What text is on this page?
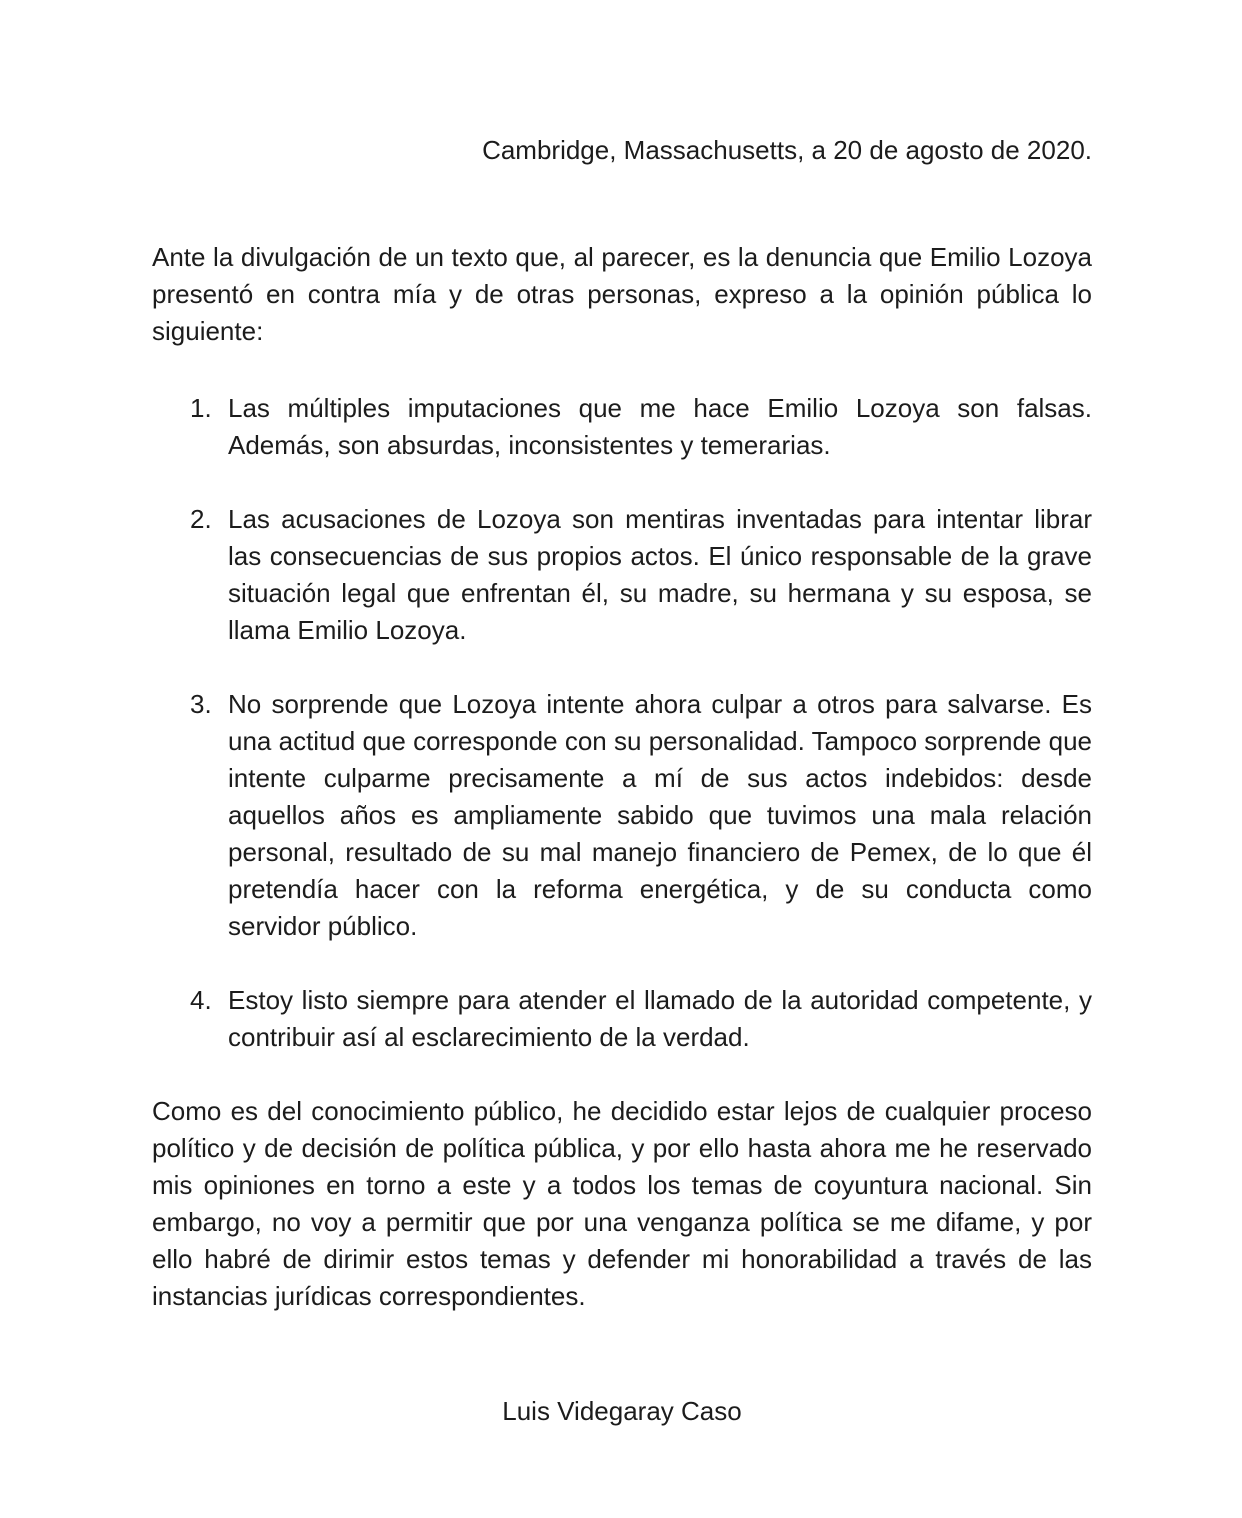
Cambridge, Massachusetts, a 20 de agosto de 2020.

Ante la divulgación de un texto que, al parecer, es la denuncia que Emilio Lozoya presentó en contra mía y de otras personas, expreso a la opinión pública lo siguiente:

1. Las múltiples imputaciones que me hace Emilio Lozoya son falsas. Además, son absurdas, inconsistentes y temerarias.
2. Las acusaciones de Lozoya son mentiras inventadas para intentar librar las consecuencias de sus propios actos. El único responsable de la grave situación legal que enfrentan él, su madre, su hermana y su esposa, se llama Emilio Lozoya.
3. No sorprende que Lozoya intente ahora culpar a otros para salvarse. Es una actitud que corresponde con su personalidad. Tampoco sorprende que intente culparme precisamente a mí de sus actos indebidos: desde aquellos años es ampliamente sabido que tuvimos una mala relación personal, resultado de su mal manejo financiero de Pemex, de lo que él pretendía hacer con la reforma energética, y de su conducta como servidor público.
4. Estoy listo siempre para atender el llamado de la autoridad competente, y contribuir así al esclarecimiento de la verdad.

Como es del conocimiento público, he decidido estar lejos de cualquier proceso político y de decisión de política pública, y por ello hasta ahora me he reservado mis opiniones en torno a este y a todos los temas de coyuntura nacional. Sin embargo, no voy a permitir que por una venganza política se me difame, y por ello habré de dirimir estos temas y defender mi honorabilidad a través de las instancias jurídicas correspondientes.

Luis Videgaray Caso
